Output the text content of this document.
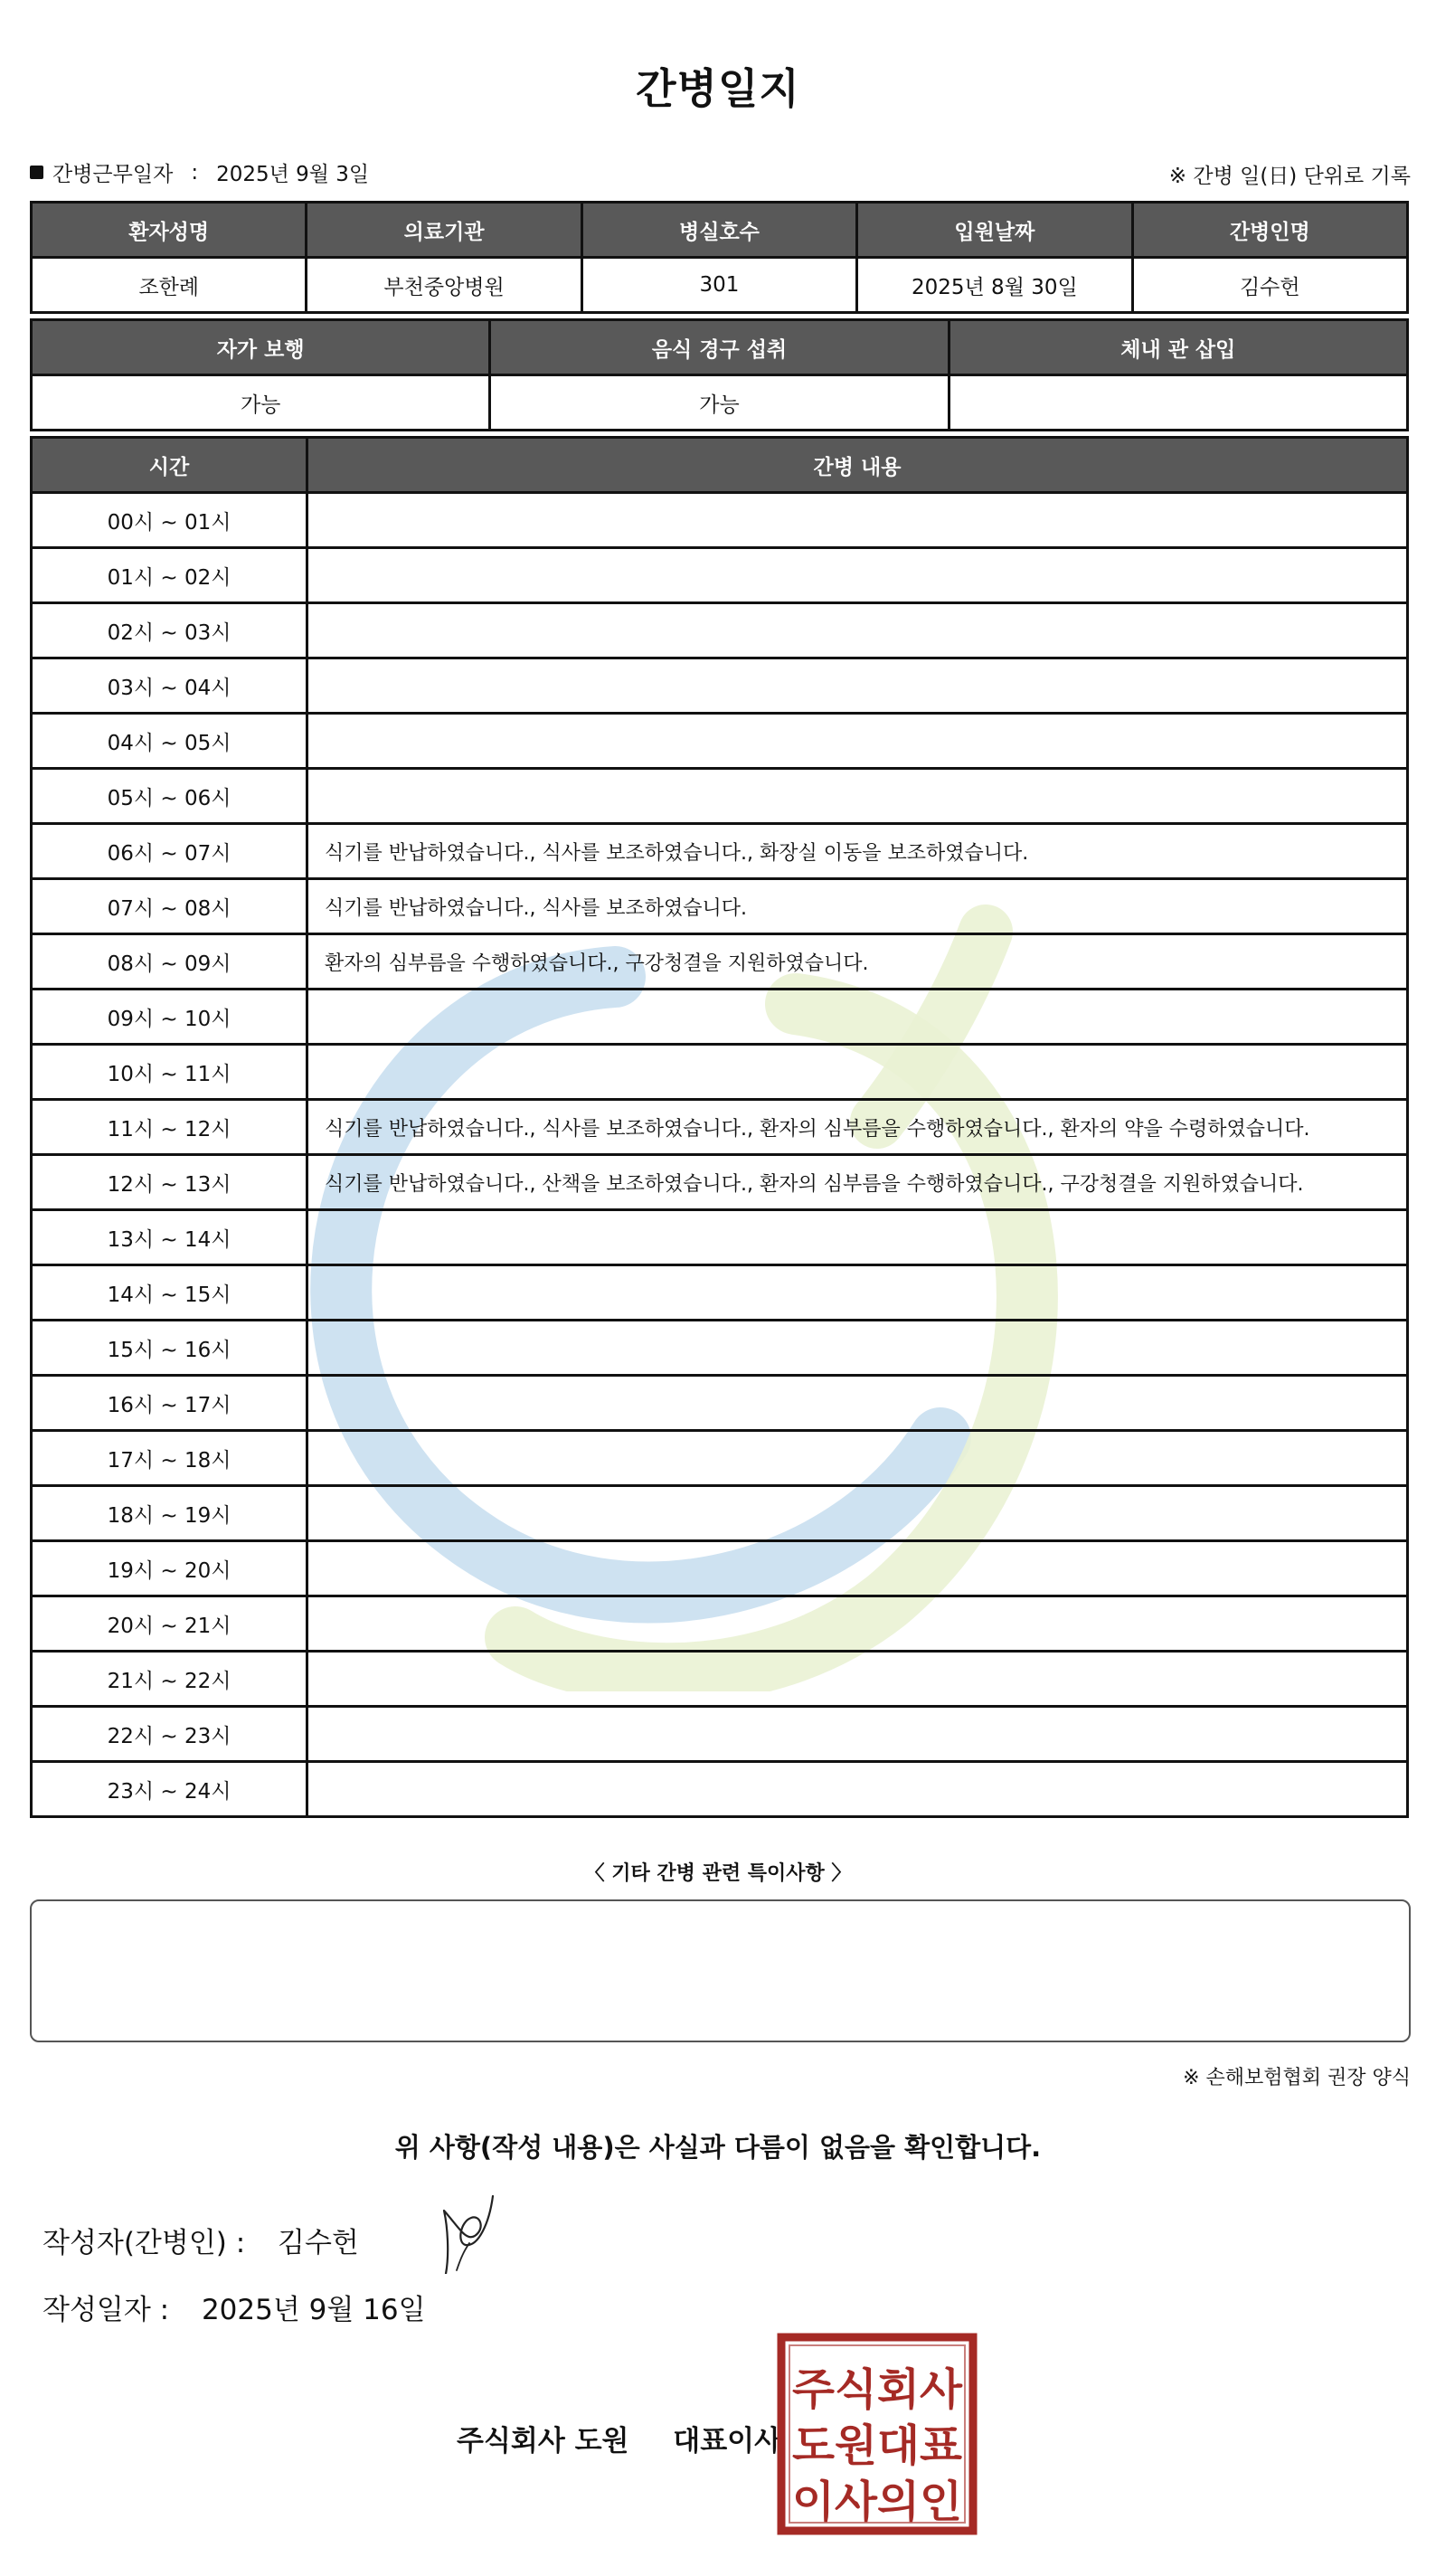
간병일지
간병근무일자 : 2025년 9월 3일	※ 간병 일(日) 단위로 기록
환자성명	의료기관	병실호수	입원날짜	간병인명
조한례	부천중앙병원	301	2025년 8월 30일	김수헌
자가 보행	음식 경구 섭취	체내 관 삽입
가능	가능	
시간	간병 내용
00시 ~ 01시	
01시 ~ 02시	
02시 ~ 03시	
03시 ~ 04시	
04시 ~ 05시	
05시 ~ 06시	
06시 ~ 07시	식기를 반납하였습니다., 식사를 보조하였습니다., 화장실 이동을 보조하였습니다.
07시 ~ 08시	식기를 반납하였습니다., 식사를 보조하였습니다.
08시 ~ 09시	환자의 심부름을 수행하였습니다., 구강청결을 지원하였습니다.
09시 ~ 10시	
10시 ~ 11시	
11시 ~ 12시	식기를 반납하였습니다., 식사를 보조하였습니다., 환자의 심부름을 수행하였습니다., 환자의 약을 수령하였습니다.
12시 ~ 13시	식기를 반납하였습니다., 산책을 보조하였습니다., 환자의 심부름을 수행하였습니다., 구강청결을 지원하였습니다.
13시 ~ 14시	
14시 ~ 15시	
15시 ~ 16시	
16시 ~ 17시	
17시 ~ 18시	
18시 ~ 19시	
19시 ~ 20시	
20시 ~ 21시	
21시 ~ 22시	
22시 ~ 23시	
23시 ~ 24시	
〈 기타 간병 관련 특이사항 〉
※ 손해보험협회 권장 양식
위 사항(작성 내용)은 사실과 다름이 없음을 확인합니다.
작성자(간병인) : 김수헌
작성일자 : 2025년 9월 16일
주식회사 도원 대표이사
주식회사
도원대표
이사의인
